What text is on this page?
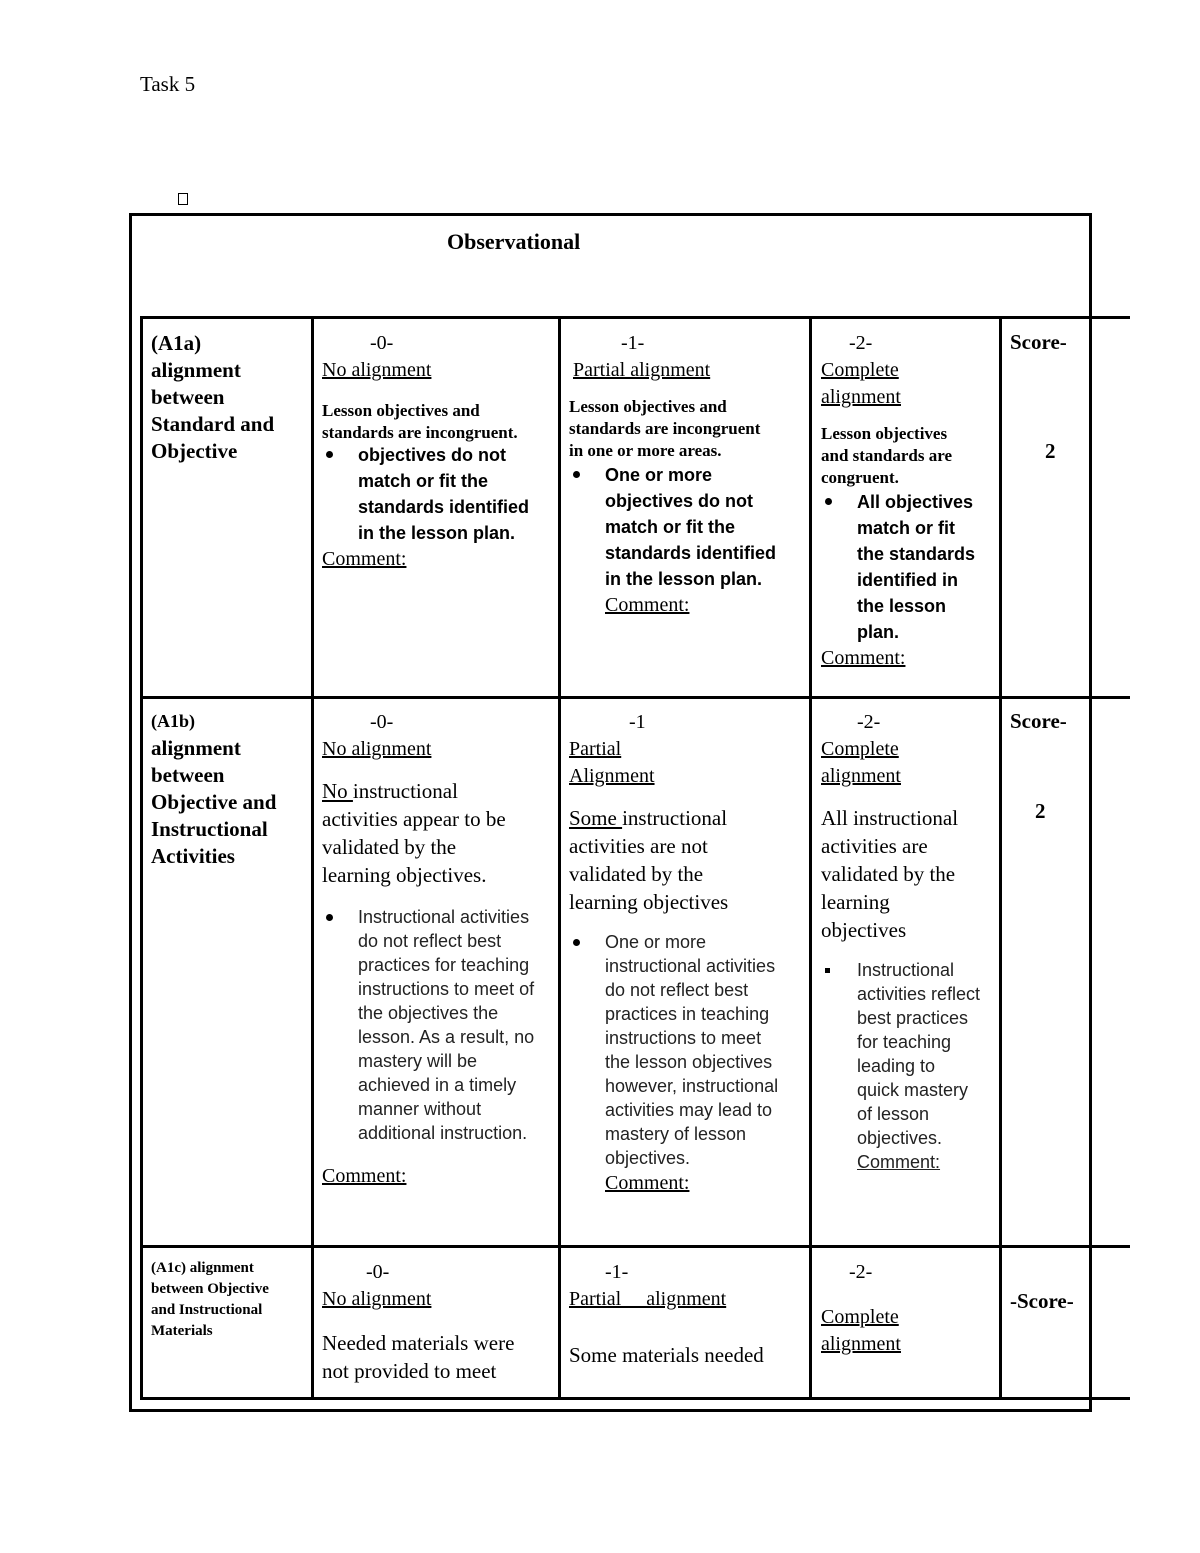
Task 5
Observational
(A1a)
alignment
between
Standard and
Objective
-0-
No alignment
Lesson objectives and
standards are incongruent.
objectives do not
match or fit the
standards identified
in the lesson plan.
Comment:
-1-
Partial alignment
Lesson objectives and
standards are incongruent
in one or more areas.
One or more
objectives do not
match or fit the
standards identified
in the lesson plan.
Comment:
-2-
Complete
alignment
Lesson objectives
and standards are
congruent.
All objectives
match or fit
the standards
identified in
the lesson
plan.
Comment:
Score-
2
(A1b)
alignment
between
Objective and
Instructional
Activities
-0-
No alignment
No instructional
activities appear to be
validated by the
learning objectives.
Instructional activities
do not reflect best
practices for teaching
instructions to meet of
the objectives the
lesson. As a result, no
mastery will be
achieved in a timely
manner without
additional instruction.
Comment:
-1
Partial
Alignment
Some instructional
activities are not
validated by the
learning objectives
One or more
instructional activities
do not reflect best
practices in teaching
instructions to meet
the lesson objectives
however, instructional
activities may lead to
mastery of lesson
objectives.
Comment:
-2-
Complete
alignment
All instructional
activities are
validated by the
learning
objectives
Instructional
activities reflect
best practices
for teaching
leading to
quick mastery
of lesson
objectives.
Comment:
Score-
2
(A1c) alignment
between Objective
and Instructional
Materials
-0-
No alignment
Needed materials were
not provided to meet
-1-
Partial     alignment
Some materials needed
-2-
Complete
alignment
-Score-
